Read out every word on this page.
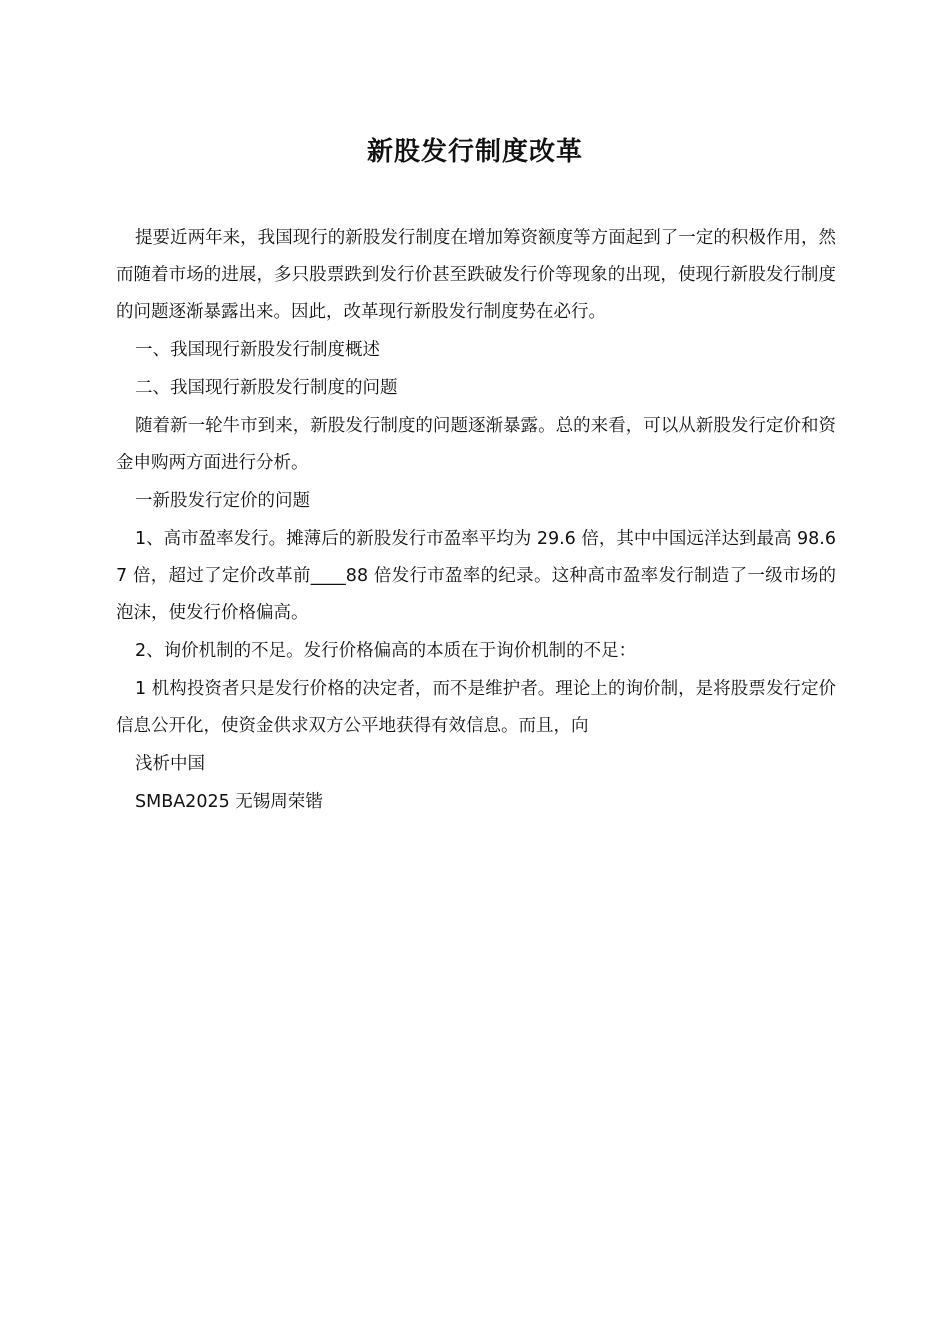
新股发行制度改革

提要近两年来，我国现行的新股发行制度在增加筹资额度等方面起到了一定的积极作用，然而随着市场的进展，多只股票跌到发行价甚至跌破发行价等现象的出现，使现行新股发行制度的问题逐渐暴露出来。因此，改革现行新股发行制度势在必行。

一、我国现行新股发行制度概述

二、我国现行新股发行制度的问题

随着新一轮牛市到来，新股发行制度的问题逐渐暴露。总的来看，可以从新股发行定价和资金申购两方面进行分析。

一新股发行定价的问题

1、高市盈率发行。摊薄后的新股发行市盈率平均为 29.6 倍，其中中国远洋达到最高 98.67 倍，超过了定价改革前____88 倍发行市盈率的纪录。这种高市盈率发行制造了一级市场的泡沫，使发行价格偏高。

2、询价机制的不足。发行价格偏高的本质在于询价机制的不足：

1 机构投资者只是发行价格的决定者，而不是维护者。理论上的询价制，是将股票发行定价信息公开化，使资金供求双方公平地获得有效信息。而且，向

浅析中国

SMBA2025 无锡周荣锴
